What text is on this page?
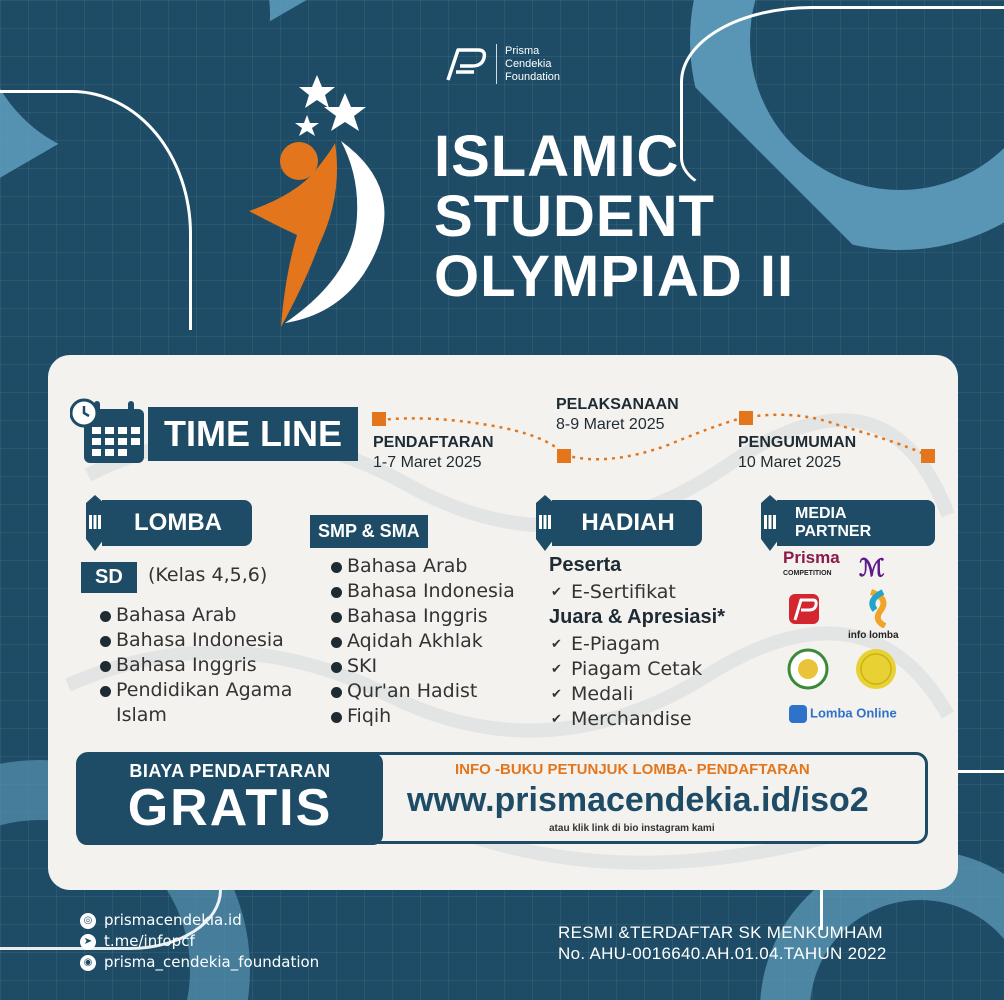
Prisma
Cendekia
Foundation
ISLAMIC
STUDENT
OLYMPIAD II
TIME LINE	PENDAFTARAN
1-7 Maret 2025
PELAKSANAAN
8-9 Maret 2025
PENGUMUMAN
10 Maret 2025
LOMBA	HADIAH	MEDIA PARTNER
SD	(Kelas 4,5,6)
Bahasa Arab
Bahasa Indonesia
Bahasa Inggris
Pendidikan Agama Islam
SMP & SMA
Bahasa Arab
Bahasa Indonesia
Bahasa Inggris
Aqidah Akhlak
SKI
Qur'an Hadist
Fiqih
Peserta
✔ E-Sertifikat
Juara & Apresiasi*
✔ E-Piagam
✔ Piagam Cetak
✔ Medali
✔ Merchandise
Prisma
COMPETITION	ℳ
info lomba
Lomba Online
BIAYA PENDAFTARAN
GRATIS
INFO -BUKU PETUNJUK LOMBA- PENDAFTARAN
www.prismacendekia.id/iso2
atau klik link di bio instagram kami
◎ prismacendekia.id
➤ t.me/infopcf
◉ prisma_cendekia_foundation
RESMI &TERDAFTAR SK MENKUMHAM
No. AHU-0016640.AH.01.04.TAHUN 2022
